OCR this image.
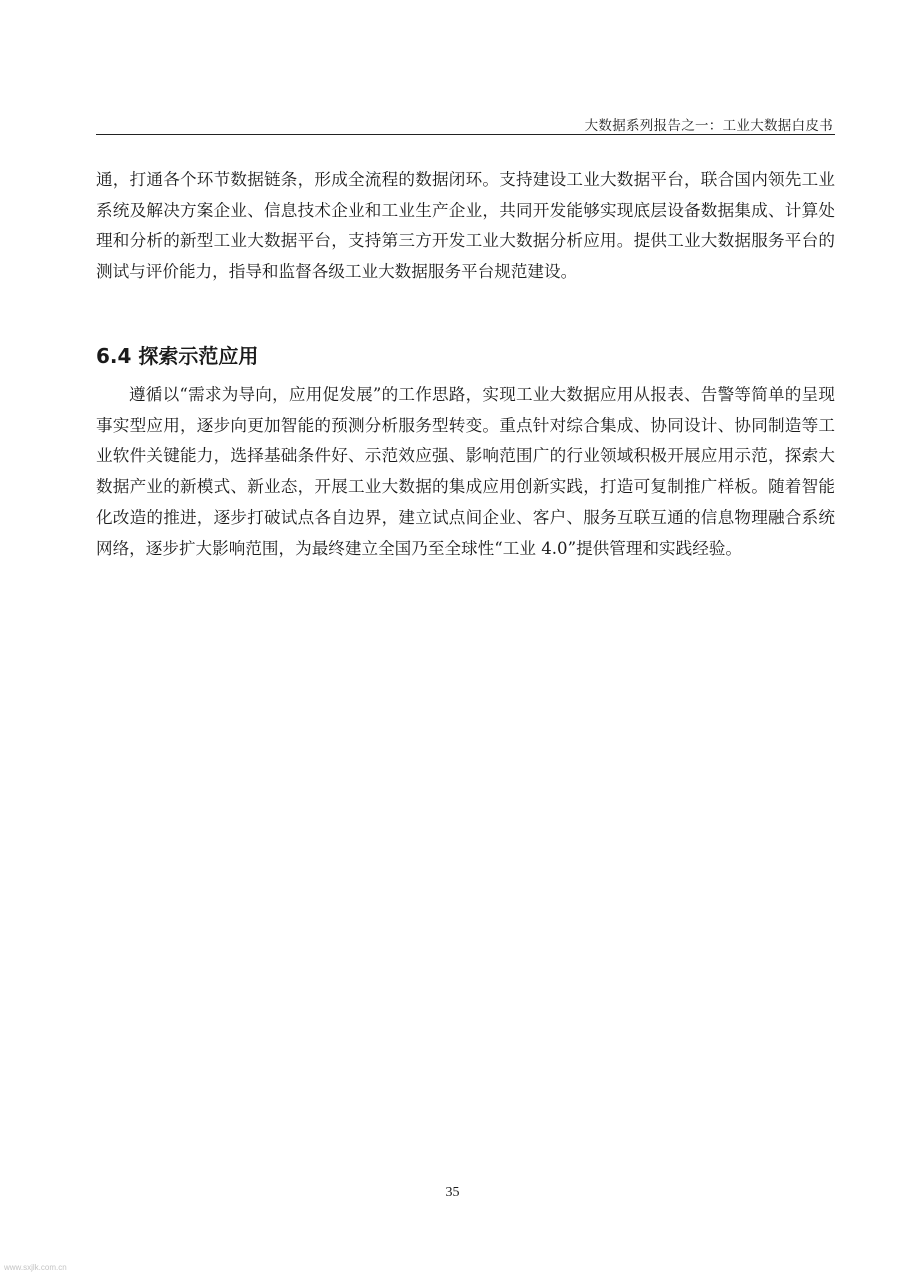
大数据系列报告之一：工业大数据白皮书

通，打通各个环节数据链条，形成全流程的数据闭环。支持建设工业大数据平台，联合国内领先工业系统及解决方案企业、信息技术企业和工业生产企业，共同开发能够实现底层设备数据集成、计算处理和分析的新型工业大数据平台，支持第三方开发工业大数据分析应用。提供工业大数据服务平台的测试与评价能力，指导和监督各级工业大数据服务平台规范建设。

6.4 探索示范应用

遵循以“需求为导向，应用促发展”的工作思路，实现工业大数据应用从报表、告警等简单的呈现事实型应用，逐步向更加智能的预测分析服务型转变。重点针对综合集成、协同设计、协同制造等工业软件关键能力，选择基础条件好、示范效应强、影响范围广的行业领域积极开展应用示范，探索大数据产业的新模式、新业态，开展工业大数据的集成应用创新实践，打造可复制推广样板。随着智能化改造的推进，逐步打破试点各自边界，建立试点间企业、客户、服务互联互通的信息物理融合系统网络，逐步扩大影响范围，为最终建立全国乃至全球性“工业 4.0”提供管理和实践经验。

35
www.sxjlk.com.cn
